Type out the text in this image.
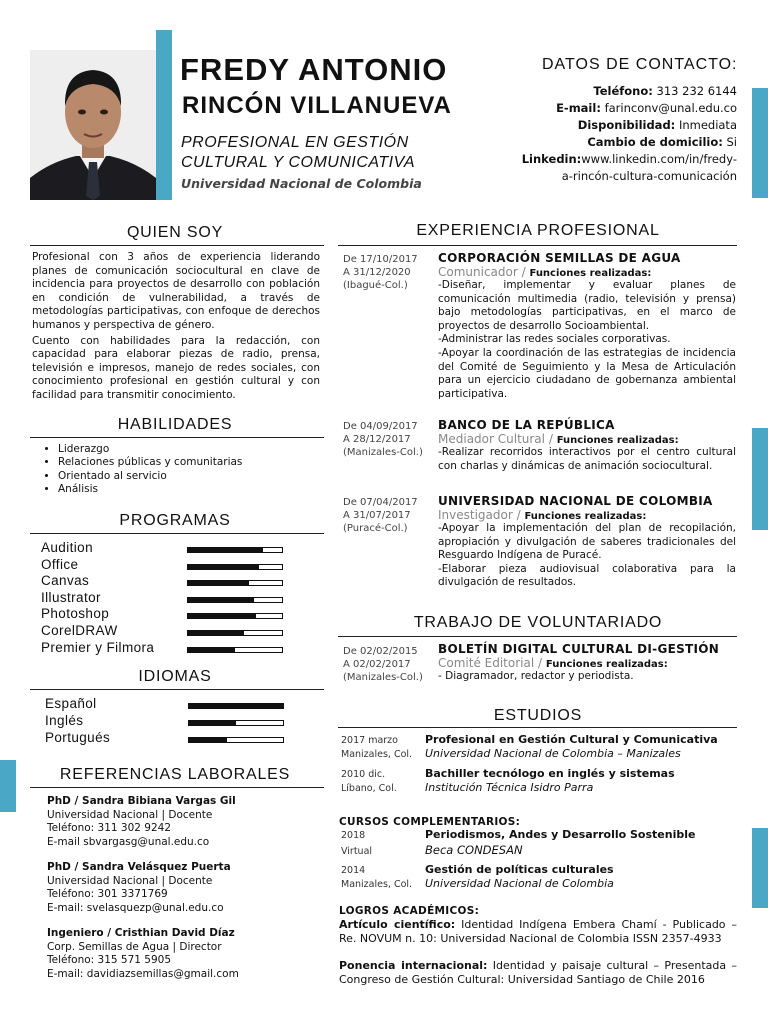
FREDY ANTONIO
RINCÓN VILLANUEVA
PROFESIONAL EN GESTIÓN
CULTURAL Y COMUNICATIVA
Universidad Nacional de Colombia
DATOS DE CONTACTO:
Teléfono: 313 232 6144
E-mail: farinconv@unal.edu.co
Disponibilidad: Inmediata
Cambio de domicilio: Si
Linkedin:www.linkedin.com/in/fredy-
a-rincón-cultura-comunicación
QUIEN SOY
Profesional con 3 años de experiencia liderando planes de comunicación sociocultural en clave de incidencia para proyectos de desarrollo con población en condición de vulnerabilidad, a través de metodologías participativas, con enfoque de derechos humanos y perspectiva de género.
Cuento con habilidades para la redacción, con capacidad para elaborar piezas de radio, prensa, televisión e impresos, manejo de redes sociales, con conocimiento profesional en gestión cultural y con facilidad para transmitir conocimiento.
HABILIDADES
• Liderazgo
• Relaciones públicas y comunitarias
• Orientado al servicio
• Análisis
PROGRAMAS
Audition
Office
Canvas
Illustrator
Photoshop
CorelDRAW
Premier y Filmora
IDIOMAS
Español
Inglés
Portugués
REFERENCIAS LABORALES
PhD / Sandra Bibiana Vargas Gil
Universidad Nacional | Docente
Teléfono: 311 302 9242
E-mail sbvargasg@unal.edu.co
PhD / Sandra Velásquez Puerta
Universidad Nacional | Docente
Teléfono: 301 3371769
E-mail: svelasquezp@unal.edu.co
Ingeniero / Cristhian David Díaz
Corp. Semillas de Agua | Director
Teléfono: 315 571 5905
E-mail: davidiazsemillas@gmail.com
EXPERIENCIA PROFESIONAL
De 17/10/2017
A 31/12/2020
(Ibagué-Col.)
CORPORACIÓN SEMILLAS DE AGUA
Comunicador / Funciones realizadas:
-Diseñar, implementar y evaluar planes de comunicación multimedia (radio, televisión y prensa) bajo metodologías participativas, en el marco de proyectos de desarrollo Socioambiental.
-Administrar las redes sociales corporativas.
-Apoyar la coordinación de las estrategias de incidencia del Comité de Seguimiento y la Mesa de Articulación para un ejercicio ciudadano de gobernanza ambiental participativa.
De 04/09/2017
A 28/12/2017
(Manizales-Col.)
BANCO DE LA REPÚBLICA
Mediador Cultural / Funciones realizadas:
-Realizar recorridos interactivos por el centro cultural con charlas y dinámicas de animación sociocultural.
De 07/04/2017
A 31/07/2017
(Puracé-Col.)
UNIVERSIDAD NACIONAL DE COLOMBIA
Investigador / Funciones realizadas:
-Apoyar la implementación del plan de recopilación, apropiación y divulgación de saberes tradicionales del Resguardo Indígena de Puracé.
-Elaborar pieza audiovisual colaborativa para la divulgación de resultados.
TRABAJO DE VOLUNTARIADO
De 02/02/2015
A 02/02/2017
(Manizales-Col.)
BOLETÍN DIGITAL CULTURAL DI-GESTIÓN
Comité Editorial / Funciones realizadas:
- Diagramador, redactor y periodista.
ESTUDIOS
2017 marzo
Manizales, Col.
Profesional en Gestión Cultural y Comunicativa
Universidad Nacional de Colombia – Manizales
2010 dic.
Líbano, Col.
Bachiller tecnólogo en inglés y sistemas
Institución Técnica Isidro Parra
CURSOS COMPLEMENTARIOS:
2018
Virtual
Periodismos, Andes y Desarrollo Sostenible
Beca CONDESAN
2014
Manizales, Col.
Gestión de políticas culturales
Universidad Nacional de Colombia
LOGROS ACADÉMICOS:
Artículo científico: Identidad Indígena Embera Chamí - Publicado – Re. NOVUM n. 10: Universidad Nacional de Colombia ISSN 2357-4933
Ponencia internacional: Identidad y paisaje cultural – Presentada – Congreso de Gestión Cultural: Universidad Santiago de Chile 2016
